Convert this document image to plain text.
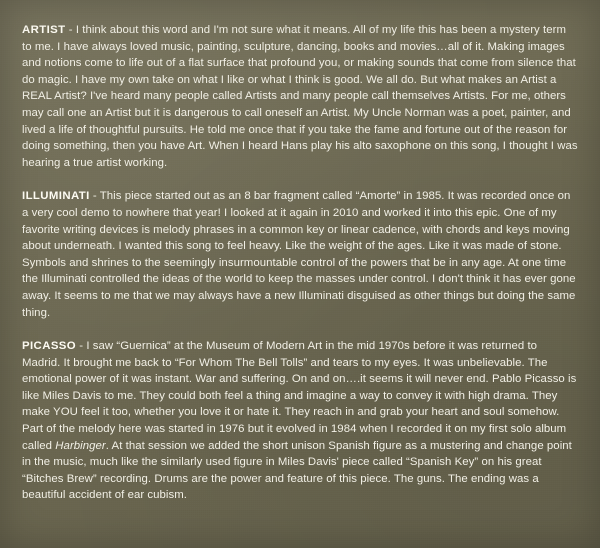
ARTIST - I think about this word and I'm not sure what it means. All of my life this has been a mystery term to me. I have always loved music, painting, sculpture, dancing, books and movies…all of it. Making images and notions come to life out of a flat surface that profound you, or making sounds that come from silence that do magic. I have my own take on what I like or what I think is good. We all do. But what makes an Artist a REAL Artist? I've heard many people called Artists and many people call themselves Artists. For me, others may call one an Artist but it is dangerous to call oneself an Artist. My Uncle Norman was a poet, painter, and lived a life of thoughtful pursuits. He told me once that if you take the fame and fortune out of the reason for doing something, then you have Art. When I heard Hans play his alto saxophone on this song, I thought I was hearing a true artist working.

ILLUMINATI - This piece started out as an 8 bar fragment called “Amorte” in 1985. It was recorded once on a very cool demo to nowhere that year! I looked at it again in 2010 and worked it into this epic. One of my favorite writing devices is melody phrases in a common key or linear cadence, with chords and keys moving about underneath. I wanted this song to feel heavy. Like the weight of the ages. Like it was made of stone. Symbols and shrines to the seemingly insurmountable control of the powers that be in any age. At one time the Illuminati controlled the ideas of the world to keep the masses under control. I don't think it has ever gone away. It seems to me that we may always have a new Illuminati disguised as other things but doing the same thing.

PICASSO - I saw “Guernica” at the Museum of Modern Art in the mid 1970s before it was returned to Madrid. It brought me back to “For Whom The Bell Tolls” and tears to my eyes. It was unbelievable. The emotional power of it was instant. War and suffering. On and on….it seems it will never end. Pablo Picasso is like Miles Davis to me. They could both feel a thing and imagine a way to convey it with high drama. They make YOU feel it too, whether you love it or hate it. They reach in and grab your heart and soul somehow. Part of the melody here was started in 1976 but it evolved in 1984 when I recorded it on my first solo album called Harbinger. At that session we added the short unison Spanish figure as a mustering and change point in the music, much like the similarly used figure in Miles Davis' piece called “Spanish Key” on his great “Bitches Brew” recording. Drums are the power and feature of this piece. The guns. The ending was a beautiful accident of ear cubism.
